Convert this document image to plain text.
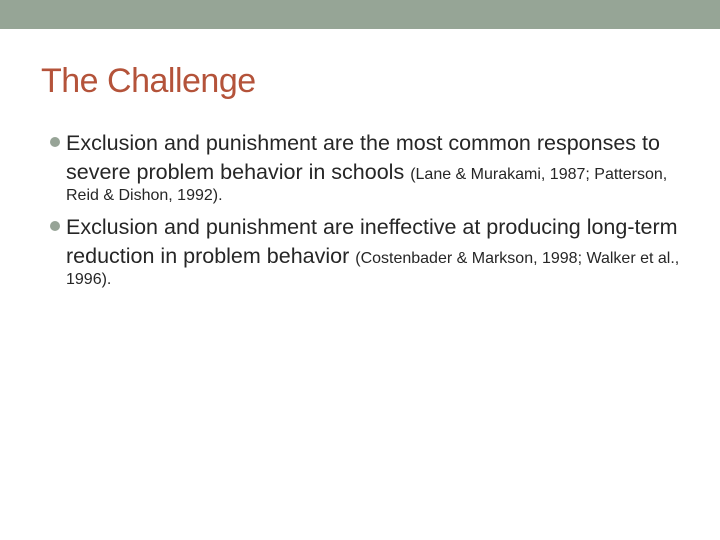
The Challenge
Exclusion and punishment are the most common responses to severe problem behavior in schools (Lane & Murakami, 1987; Patterson, Reid & Dishon, 1992).
Exclusion and punishment are ineffective at producing long-term reduction in problem behavior (Costenbader & Markson, 1998; Walker et al., 1996).
